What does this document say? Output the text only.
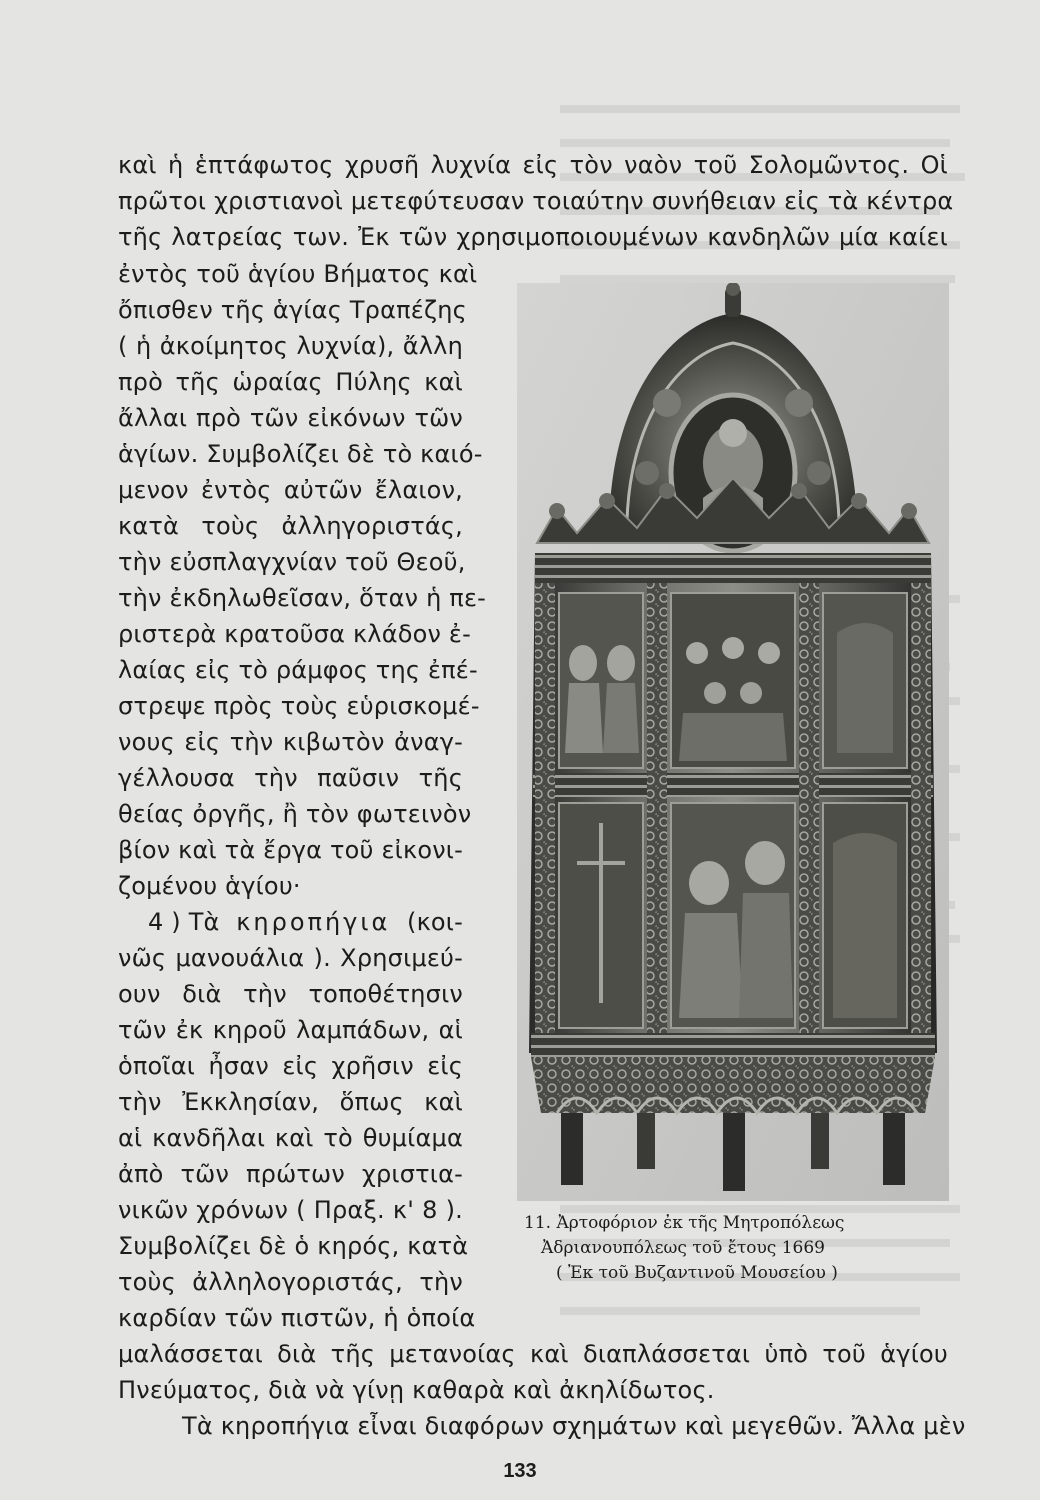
καὶ ἡ ἑπτάφωτος χρυσῆ λυχνία εἰς τὸν ναὸν τοῦ Σολομῶντος. Οἱ
πρῶτοι χριστιανοὶ μετεφύτευσαν τοιαύτην συνήθειαν εἰς τὰ κέντρα
τῆς λατρείας των. Ἐκ τῶν χρησιμοποιουμένων κανδηλῶν μία καίει
ἐντὸς τοῦ ἁγίου Βήματος καὶ
ὄπισθεν τῆς ἁγίας Τραπέζης
( ἡ ἀκοίμητος λυχνία), ἄλλη
πρὸ τῆς ὡραίας Πύλης καὶ
ἄλλαι πρὸ τῶν εἰκόνων τῶν
ἁγίων. Συμβολίζει δὲ τὸ καιό-
μενον ἐντὸς αὐτῶν ἔλαιον,
κατὰ τοὺς ἀλληγοριστάς,
τὴν εὐσπλαγχνίαν τοῦ Θεοῦ,
τὴν ἐκδηλωθεῖσαν, ὅταν ἡ πε-
ριστερὰ κρατοῦσα κλάδον ἐ-
λαίας εἰς τὸ ράμφος της ἐπέ-
στρεψε πρὸς τοὺς εὑρισκομέ-
νους εἰς τὴν κιβωτὸν ἀναγ-
γέλλουσα τὴν παῦσιν τῆς
θείας ὀργῆς, ἢ τὸν φωτεινὸν
βίον καὶ τὰ ἔργα τοῦ εἰκονι-
ζομένου ἁγίου·
4 ) Τὰ κηροπήγια (κοι-
νῶς μανουάλια ). Χρησιμεύ-
ουν διὰ τὴν τοποθέτησιν
τῶν ἐκ κηροῦ λαμπάδων, αἱ
ὁποῖαι ἦσαν εἰς χρῆσιν εἰς
τὴν Ἐκκλησίαν, ὅπως καὶ
αἱ κανδῆλαι καὶ τὸ θυμίαμα
ἀπὸ τῶν πρώτων χριστια-
νικῶν χρόνων ( Πραξ. κ' 8 ).
Συμβολίζει δὲ ὁ κηρός, κατὰ
τοὺς ἀλληλογοριστάς, τὴν
καρδίαν τῶν πιστῶν, ἡ ὁποία
μαλάσσεται διὰ τῆς μετανοίας καὶ διαπλάσσεται ὑπὸ τοῦ ἁγίου
Πνεύματος, διὰ νὰ γίνῃ καθαρὰ καὶ ἀκηλίδωτος.
Τὰ κηροπήγια εἶναι διαφόρων σχημάτων καὶ μεγεθῶν. Ἄλλα μὲν
11. Ἀρτοφόριον ἐκ τῆς Μητροπόλεως
Ἀδριανουπόλεως τοῦ ἔτους 1669
( Ἐκ τοῦ Βυζαντινοῦ Μουσείου )
133
